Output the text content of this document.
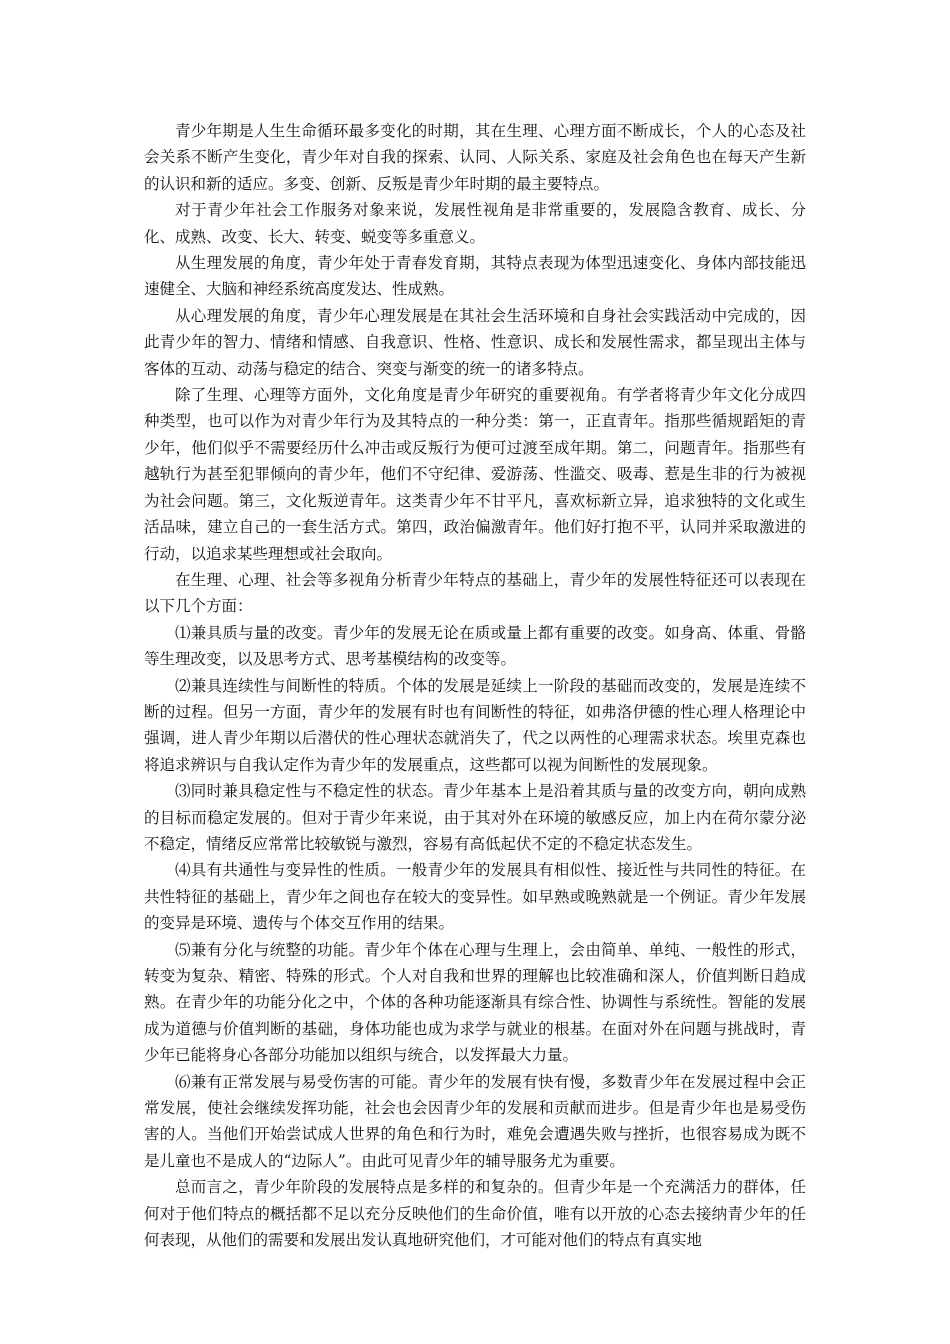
青少年期是人生生命循环最多变化的时期，其在生理、心理方面不断成长，个人的心态及社会关系不断产生变化，青少年对自我的探索、认同、人际关系、家庭及社会角色也在每天产生新的认识和新的适应。多变、创新、反叛是青少年时期的最主要特点。

对于青少年社会工作服务对象来说，发展性视角是非常重要的，发展隐含教育、成长、分化、成熟、改变、长大、转变、蜕变等多重意义。

从生理发展的角度，青少年处于青春发育期，其特点表现为体型迅速变化、身体内部技能迅速健全、大脑和神经系统高度发达、性成熟。

从心理发展的角度，青少年心理发展是在其社会生活环境和自身社会实践活动中完成的，因此青少年的智力、情绪和情感、自我意识、性格、性意识、成长和发展性需求，都呈现出主体与客体的互动、动荡与稳定的结合、突变与渐变的统一的诸多特点。

除了生理、心理等方面外，文化角度是青少年研究的重要视角。有学者将青少年文化分成四种类型，也可以作为对青少年行为及其特点的一种分类：第一，正直青年。指那些循规蹈矩的青少年，他们似乎不需要经历什么冲击或反叛行为便可过渡至成年期。第二，问题青年。指那些有越轨行为甚至犯罪倾向的青少年，他们不守纪律、爱游荡、性滥交、吸毒、惹是生非的行为被视为社会问题。第三，文化叛逆青年。这类青少年不甘平凡，喜欢标新立异，追求独特的文化或生活品味，建立自己的一套生活方式。第四，政治偏激青年。他们好打抱不平，认同并采取激进的行动，以追求某些理想或社会取向。

在生理、心理、社会等多视角分析青少年特点的基础上，青少年的发展性特征还可以表现在以下几个方面：

⑴兼具质与量的改变。青少年的发展无论在质或量上都有重要的改变。如身高、体重、骨骼等生理改变，以及思考方式、思考基模结构的改变等。

⑵兼具连续性与间断性的特质。个体的发展是延续上一阶段的基础而改变的，发展是连续不断的过程。但另一方面，青少年的发展有时也有间断性的特征，如弗洛伊德的性心理人格理论中强调，进人青少年期以后潜伏的性心理状态就消失了，代之以两性的心理需求状态。埃里克森也将追求辨识与自我认定作为青少年的发展重点，这些都可以视为间断性的发展现象。

⑶同时兼具稳定性与不稳定性的状态。青少年基本上是沿着其质与量的改变方向，朝向成熟的目标而稳定发展的。但对于青少年来说，由于其对外在环境的敏感反应，加上内在荷尔蒙分泌不稳定，情绪反应常常比较敏锐与激烈，容易有高低起伏不定的不稳定状态发生。

⑷具有共通性与变异性的性质。一般青少年的发展具有相似性、接近性与共同性的特征。在共性特征的基础上，青少年之间也存在较大的变异性。如早熟或晚熟就是一个例证。青少年发展的变异是环境、遗传与个体交互作用的结果。

⑸兼有分化与统整的功能。青少年个体在心理与生理上，会由简单、单纯、一般性的形式，转变为复杂、精密、特殊的形式。个人对自我和世界的理解也比较准确和深人，价值判断日趋成熟。在青少年的功能分化之中，个体的各种功能逐渐具有综合性、协调性与系统性。智能的发展成为道德与价值判断的基础，身体功能也成为求学与就业的根基。在面对外在问题与挑战时，青少年已能将身心各部分功能加以组织与统合，以发挥最大力量。

⑹兼有正常发展与易受伤害的可能。青少年的发展有快有慢，多数青少年在发展过程中会正常发展，使社会继续发挥功能，社会也会因青少年的发展和贡献而进步。但是青少年也是易受伤害的人。当他们开始尝试成人世界的角色和行为时，难免会遭遇失败与挫折，也很容易成为既不是儿童也不是成人的“边际人”。由此可见青少年的辅导服务尤为重要。

总而言之，青少年阶段的发展特点是多样的和复杂的。但青少年是一个充满活力的群体，任何对于他们特点的概括都不足以充分反映他们的生命价值，唯有以开放的心态去接纳青少年的任何表现，从他们的需要和发展出发认真地研究他们，才可能对他们的特点有真实地
